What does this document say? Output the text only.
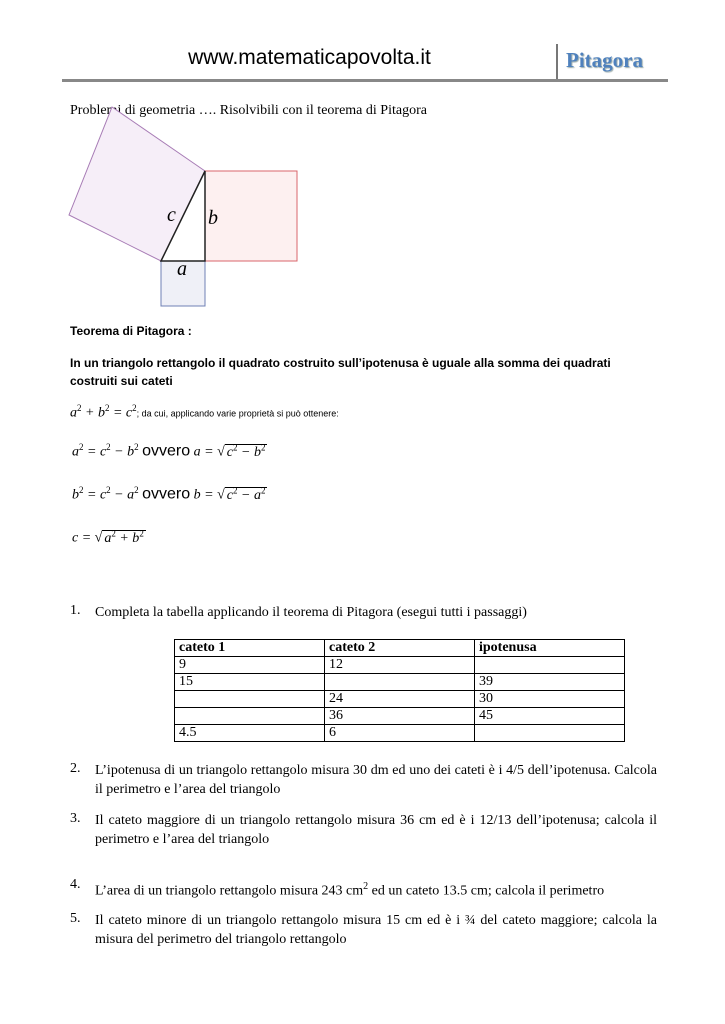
www.matematicapovolta.it	Pitagora
Problemi di geometria …. Risolvibili con il teorema di Pitagora
c b
a
Teorema di Pitagora :
In un triangolo rettangolo il quadrato costruito sull’ipotenusa è uguale alla somma dei quadrati costruiti sui cateti
$a^2 + b^2 = c^2$; da cui, applicando varie proprietà si può ottenere:
$a^2 = c^2 - b^2$ ovvero a = √ $c^2 - b^2$
$b^2 = c^2 - a^2$ ovvero b = √ $c^2 - a^2$
c = √ $a^2 + b^2$
1. Completa la tabella applicando il teorema di Pitagora (esegui tutti i passaggi)
cateto 1	cateto 2	ipotenusa
9	12	
15		39
	24	30
	36	45
4.5	6	
2. L’ipotenusa di un triangolo rettangolo misura 30 dm ed uno dei cateti è i 4/5 dell’ipotenusa. Calcola il perimetro e l’area del triangolo
3. Il cateto maggiore di un triangolo rettangolo misura 36 cm ed è i 12/13 dell’ipotenusa; calcola il perimetro e l’area del triangolo
4. L’area di un triangolo rettangolo misura 243 $cm^2$ ed un cateto 13.5 cm; calcola il perimetro
5. Il cateto minore di un triangolo rettangolo misura 15 cm ed è i ¾ del cateto maggiore; calcola la misura del perimetro del triangolo rettangolo
